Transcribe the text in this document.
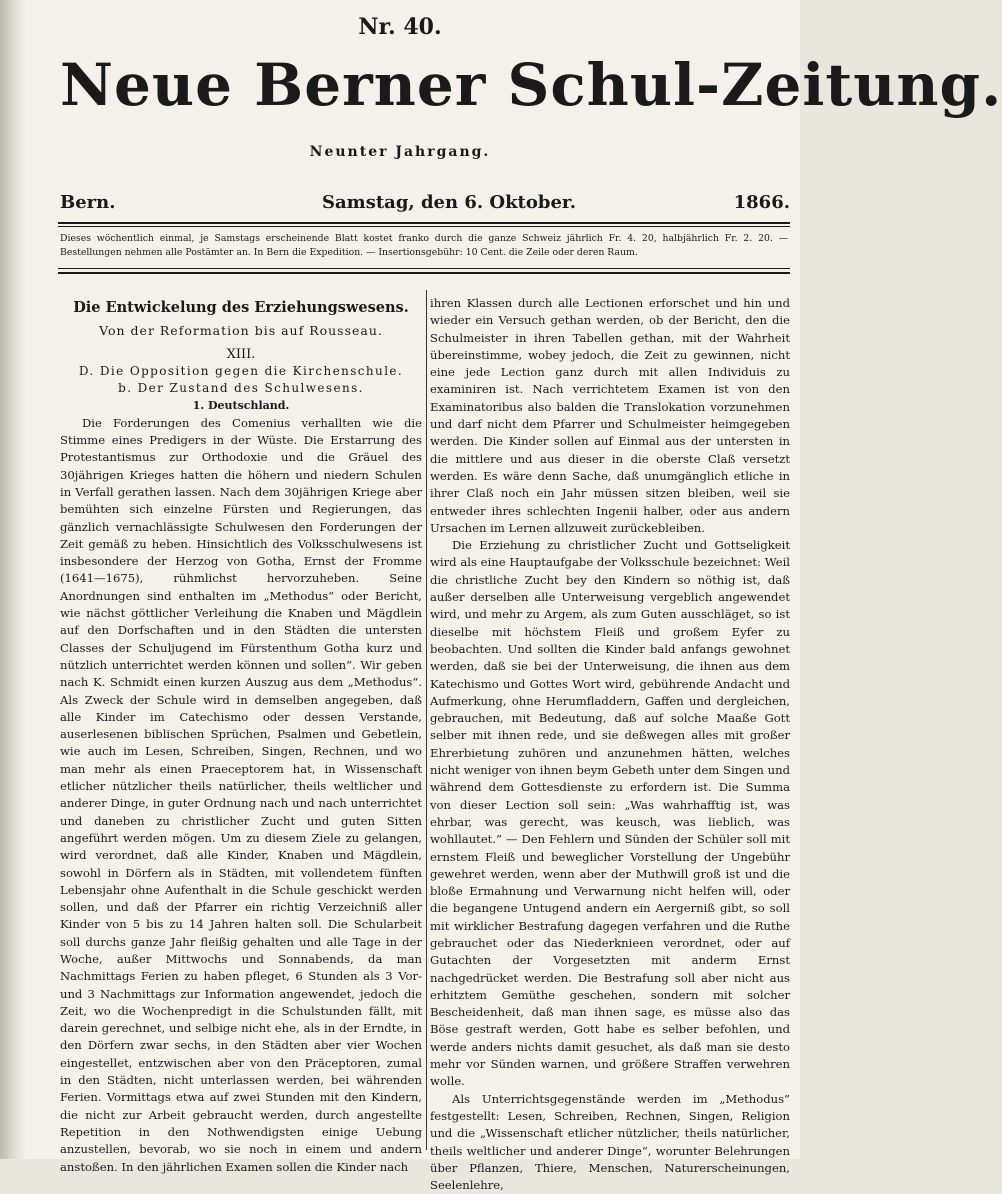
Nr. 40.
Neue Berner Schul-Zeitung.
Neunter Jahrgang.
Bern.	Samstag, den 6. Oktober.	1866.
Dieses wöchentlich einmal, je Samstags erscheinende Blatt kostet franko durch die ganze Schweiz jährlich Fr. 4. 20, halbjährlich Fr. 2. 20. — Bestellungen nehmen alle Postämter an. In Bern die Expedition. — Insertionsgebühr: 10 Cent. die Zeile oder deren Raum.
Die Entwickelung des Erziehungswesens.
Von der Reformation bis auf Rousseau.
XIII.
D. Die Opposition gegen die Kirchenschule.
b. Der Zustand des Schulwesens.
1. Deutschland.

Die Forderungen des Comenius verhallten wie die Stimme eines Predigers in der Wüste. Die Erstarrung des Protestantismus zur Orthodoxie und die Gräuel des 30jährigen Krieges hatten die höhern und niedern Schulen in Verfall gerathen lassen. Nach dem 30jährigen Kriege aber bemühten sich einzelne Fürsten und Regierungen, das gänzlich vernachlässigte Schulwesen den Forderungen der Zeit gemäß zu heben. Hinsichtlich des Volksschulwesens ist insbesondere der Herzog von Gotha, Ernst der Fromme (1641—1675), rühmlichst hervorzuheben. Seine Anordnungen sind enthalten im „Methodus“ oder Bericht, wie nächst göttlicher Verleihung die Knaben und Mägdlein auf den Dorfschaften und in den Städten die untersten Classes der Schuljugend im Fürstenthum Gotha kurz und nützlich unterrichtet werden können und sollen“. Wir geben nach K. Schmidt einen kurzen Auszug aus dem „Methodus“. Als Zweck der Schule wird in demselben angegeben, daß alle Kinder im Catechismo oder dessen Verstande, auserlesenen biblischen Sprüchen, Psalmen und Gebetlein, wie auch im Lesen, Schreiben, Singen, Rechnen, und wo man mehr als einen Praeceptorem hat, in Wissenschaft etlicher nützlicher theils natürlicher, theils weltlicher und anderer Dinge, in guter Ordnung nach und nach unterrichtet und daneben zu christlicher Zucht und guten Sitten angeführt werden mögen. Um zu diesem Ziele zu gelangen, wird verordnet, daß alle Kinder, Knaben und Mägdlein, sowohl in Dörfern als in Städten, mit vollendetem fünften Lebensjahr ohne Aufenthalt in die Schule geschickt werden sollen, und daß der Pfarrer ein richtig Verzeichniß aller Kinder von 5 bis zu 14 Jahren halten soll. Die Schularbeit soll durchs ganze Jahr fleißig gehalten und alle Tage in der Woche, außer Mittwochs und Sonnabends, da man Nachmittags Ferien zu haben pfleget, 6 Stunden als 3 Vor- und 3 Nachmittags zur Information angewendet, jedoch die Zeit, wo die Wochenpredigt in die Schulstunden fällt, mit darein gerechnet, und selbige nicht ehe, als in der Erndte, in den Dörfern zwar sechs, in den Städten aber vier Wochen eingestellet, entzwischen aber von den Präceptoren, zumal in den Städten, nicht unterlassen werden, bei währenden Ferien. Vormittags etwa auf zwei Stunden mit den Kindern, die nicht zur Arbeit gebraucht werden, durch angestellte Repetition in den Nothwendigsten einige Uebung anzustellen, bevorab, wo sie noch in einem und andern anstoßen. In den jährlichen Examen sollen die Kinder nach

ihren Klassen durch alle Lectionen erforschet und hin und wieder ein Versuch gethan werden, ob der Bericht, den die Schulmeister in ihren Tabellen gethan, mit der Wahrheit übereinstimme, wobey jedoch, die Zeit zu gewinnen, nicht eine jede Lection ganz durch mit allen Individuis zu examiniren ist. Nach verrichtetem Examen ist von den Examinatoribus also balden die Translokation vorzunehmen und darf nicht dem Pfarrer und Schulmeister heimgegeben werden. Die Kinder sollen auf Einmal aus der untersten in die mittlere und aus dieser in die oberste Claß versetzt werden. Es wäre denn Sache, daß unumgänglich etliche in ihrer Claß noch ein Jahr müssen sitzen bleiben, weil sie entweder ihres schlechten Ingenii halber, oder aus andern Ursachen im Lernen allzuweit zurückebleiben.

Die Erziehung zu christlicher Zucht und Gottseligkeit wird als eine Hauptaufgabe der Volksschule bezeichnet: Weil die christliche Zucht bey den Kindern so nöthig ist, daß außer derselben alle Unterweisung vergeblich angewendet wird, und mehr zu Argem, als zum Guten ausschläget, so ist dieselbe mit höchstem Fleiß und großem Eyfer zu beobachten. Und sollten die Kinder bald anfangs gewohnet werden, daß sie bei der Unterweisung, die ihnen aus dem Katechismo und Gottes Wort wird, gebührende Andacht und Aufmerkung, ohne Herumfladdern, Gaffen und dergleichen, gebrauchen, mit Bedeutung, daß auf solche Maaße Gott selber mit ihnen rede, und sie deßwegen alles mit großer Ehrerbietung zuhören und anzunehmen hätten, welches nicht weniger von ihnen beym Gebeth unter dem Singen und während dem Gottesdienste zu erfordern ist. Die Summa von dieser Lection soll sein: „Was wahrhafftig ist, was ehrbar, was gerecht, was keusch, was lieblich, was wohllautet.“ — Den Fehlern und Sünden der Schüler soll mit ernstem Fleiß und beweglicher Vorstellung der Ungebühr gewehret werden, wenn aber der Muthwill groß ist und die bloße Ermahnung und Verwarnung nicht helfen will, oder die begangene Untugend andern ein Aergerniß gibt, so soll mit wirklicher Bestrafung dagegen verfahren und die Ruthe gebrauchet oder das Niederknieen verordnet, oder auf Gutachten der Vorgesetzten mit anderm Ernst nachgedrücket werden. Die Bestrafung soll aber nicht aus erhitztem Gemüthe geschehen, sondern mit solcher Bescheidenheit, daß man ihnen sage, es müsse also das Böse gestraft werden, Gott habe es selber befohlen, und werde anders nichts damit gesuchet, als daß man sie desto mehr vor Sünden warnen, und größere Straffen verwehren wolle.

Als Unterrichtsgegenstände werden im „Methodus“ festgestellt: Lesen, Schreiben, Rechnen, Singen, Religion und die „Wissenschaft etlicher nützlicher, theils natürlicher, theils weltlicher und anderer Dinge“, worunter Belehrungen über Pflanzen, Thiere, Menschen, Naturerscheinungen, Seelenlehre,
